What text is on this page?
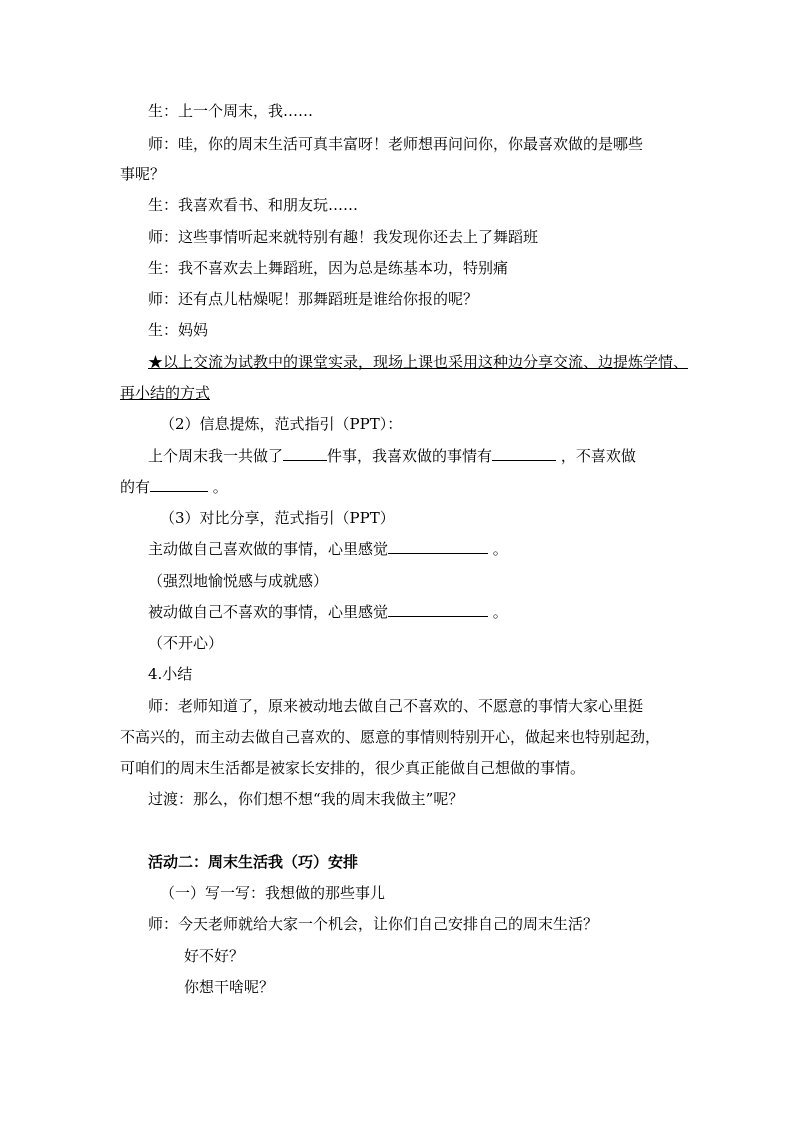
生：上一个周末，我……
师：哇，你的周末生活可真丰富呀！老师想再问问你，你最喜欢做的是哪些
事呢？
生：我喜欢看书、和朋友玩……
师：这些事情听起来就特别有趣！我发现你还去上了舞蹈班
生：我不喜欢去上舞蹈班，因为总是练基本功，特别痛
师：还有点儿枯燥呢！那舞蹈班是谁给你报的呢？
生：妈妈
★以上交流为试教中的课堂实录，现场上课也采用这种边分享交流、边提炼学情、
再小结的方式
（2）信息提炼，范式指引（PPT）：
上个周末我一共做了	件事，我喜欢做的事情有	，不喜欢做
的有	。
（3）对比分享，范式指引（PPT）
主动做自己喜欢做的事情，心里感觉	。
（强烈地愉悦感与成就感）
被动做自己不喜欢的事情，心里感觉	。
（不开心）
4.小结
师：老师知道了，原来被动地去做自己不喜欢的、不愿意的事情大家心里挺
不高兴的，而主动去做自己喜欢的、愿意的事情则特别开心，做起来也特别起劲，
可咱们的周末生活都是被家长安排的，很少真正能做自己想做的事情。
过渡：那么，你们想不想“我的周末我做主”呢？
活动二：周末生活我（巧）安排
（一）写一写：我想做的那些事儿
师：今天老师就给大家一个机会，让你们自己安排自己的周末生活？
好不好？
你想干啥呢？
